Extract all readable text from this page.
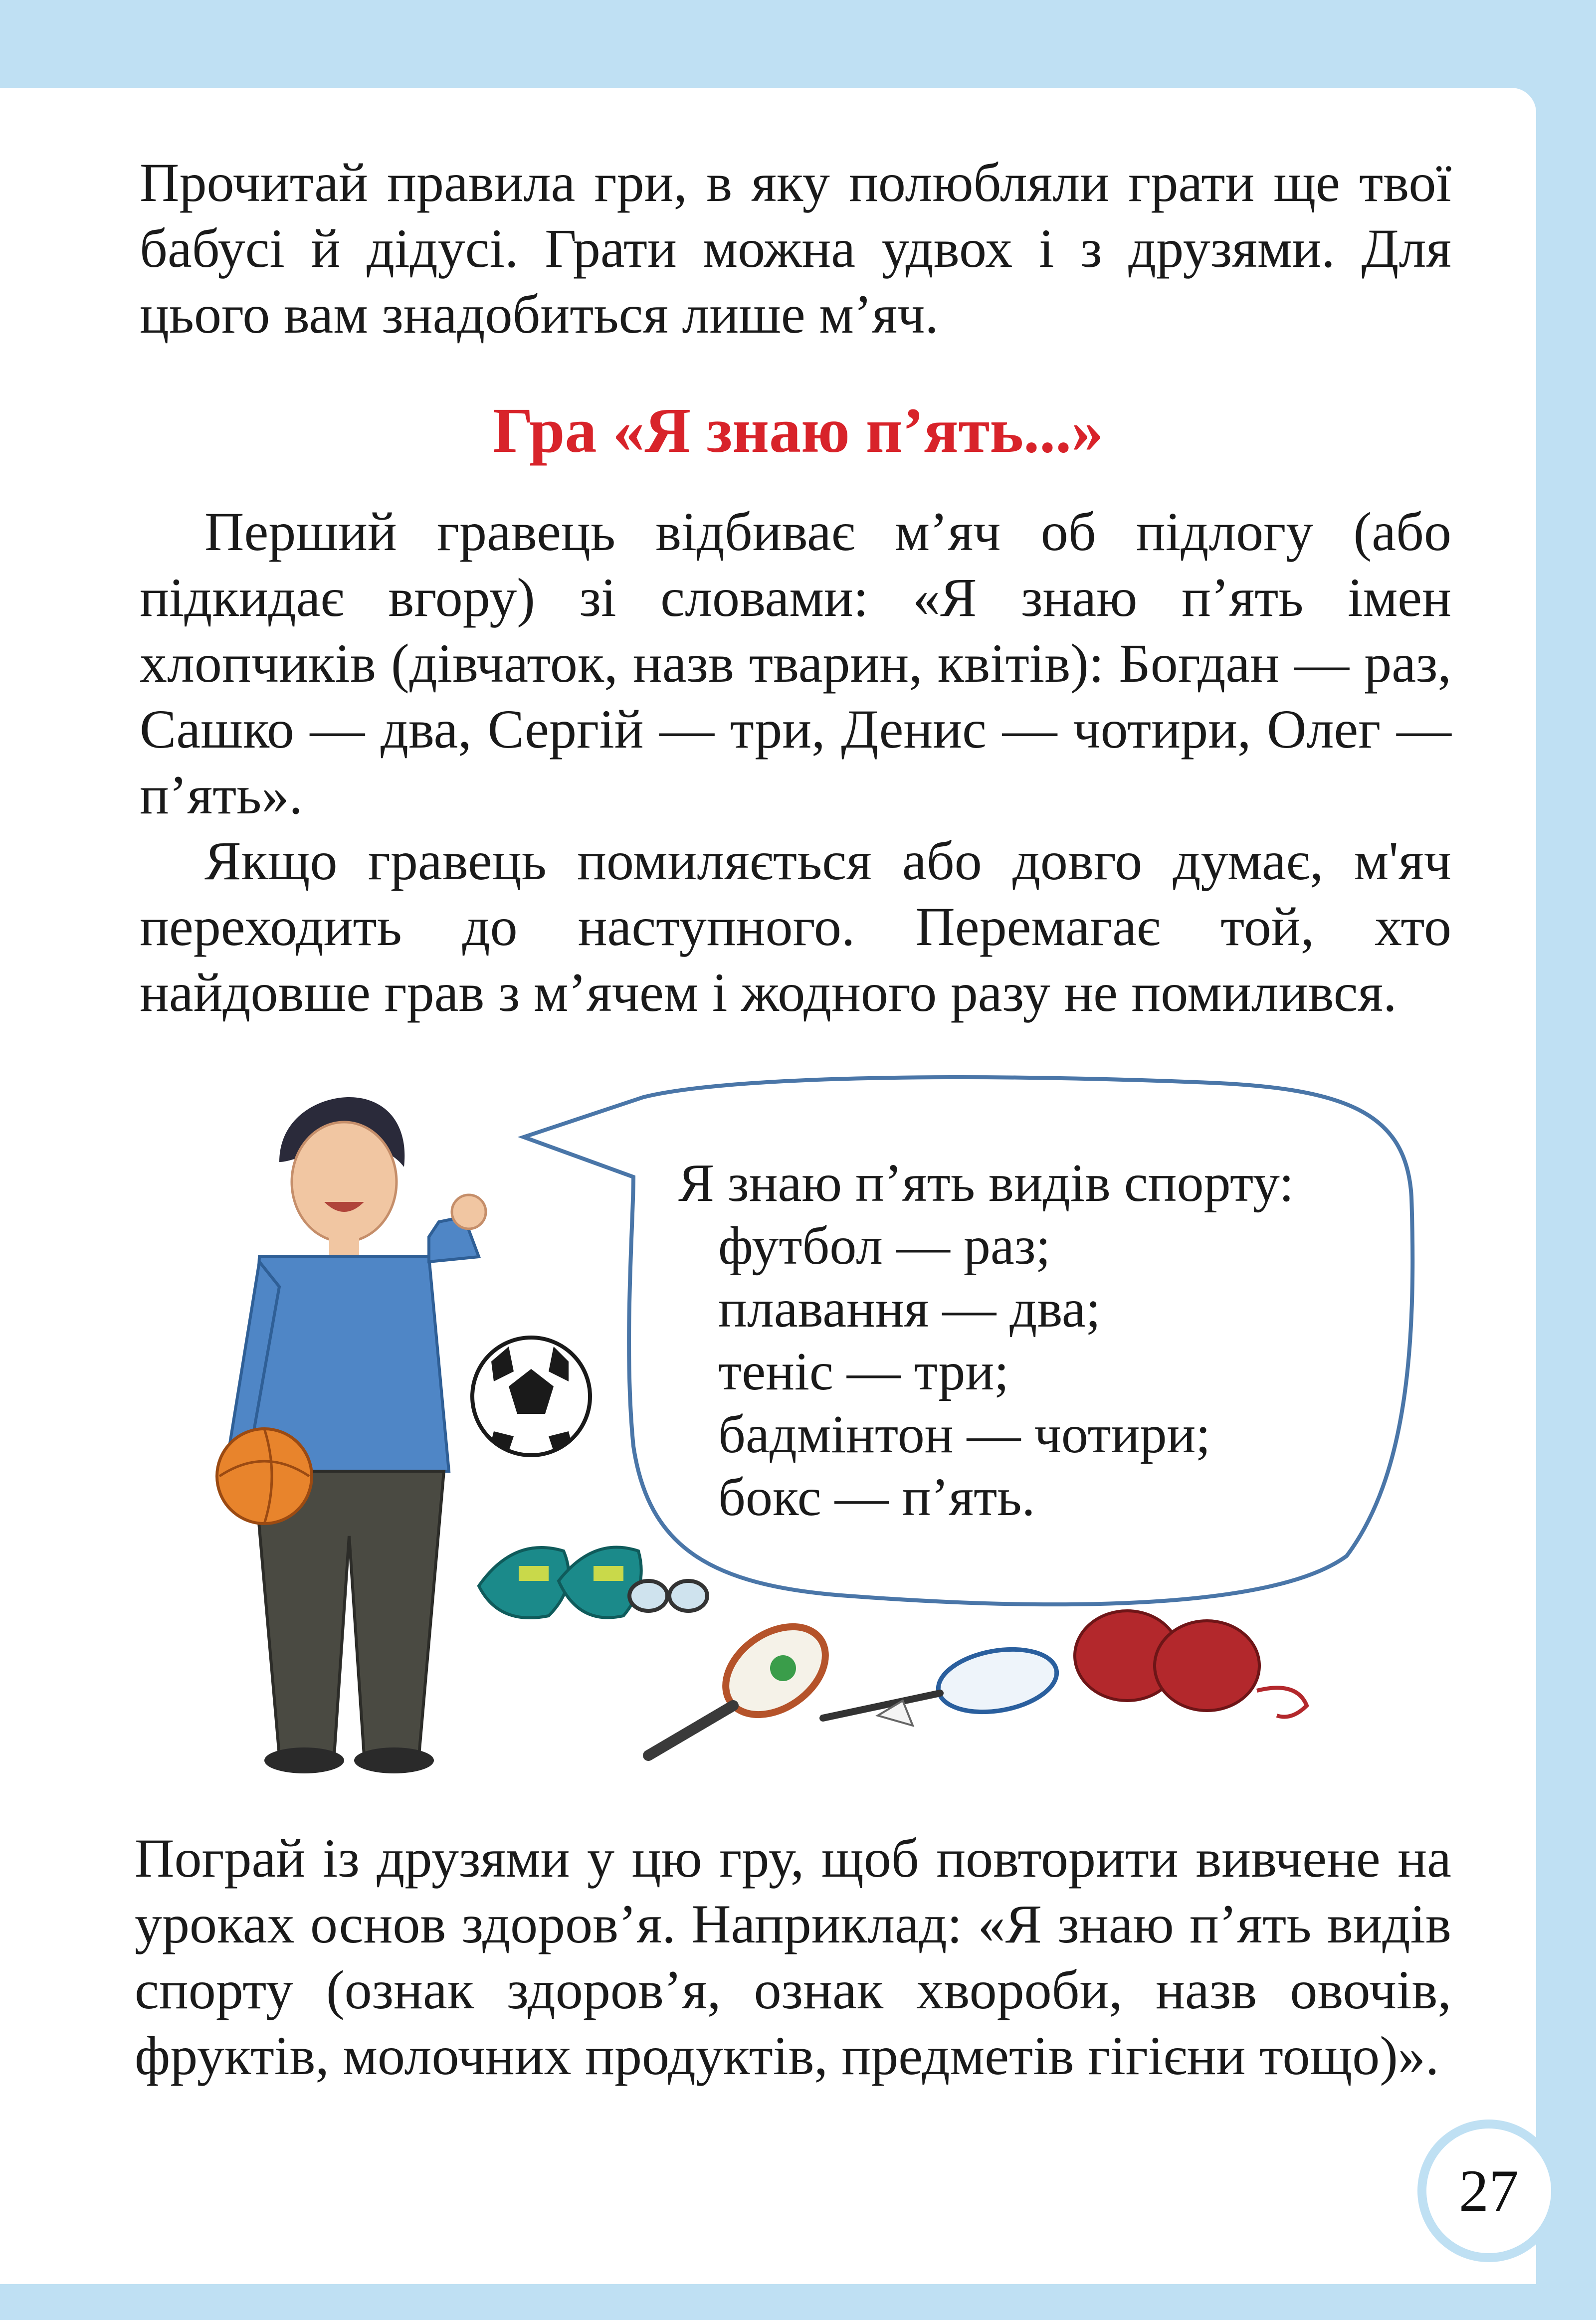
Прочитай правила гри, в яку полюбляли грати ще твої бабусі й дідусі. Грати можна удвох і з друзями. Для цього вам знадобиться лише м’яч.

Гра «Я знаю п’ять...»

Перший гравець відбиває м’яч об підлогу (або підкидає вгору) зі словами: «Я знаю п’ять імен хлопчиків (дівчаток, назв тварин, квітів): Богдан — раз, Сашко — два, Сергій — три, Денис — чотири, Олег — п’ять».

Якщо гравець помиляється або довго думає, м'яч переходить до наступного. Перемагає той, хто найдовше грав з м’ячем і жодного разу не помилився.

Я знаю п’ять видів спорту:
футбол — раз;
плавання — два;
теніс — три;
бадмінтон — чотири;
бокс — п’ять.

Пограй із друзями у цю гру, щоб повторити вивчене на уроках основ здоров’я. Наприклад: «Я знаю п’ять видів спорту (ознак здоров’я, ознак хвороби, назв овочів, фруктів, молочних продуктів, предметів гігієни тощо)».

27
